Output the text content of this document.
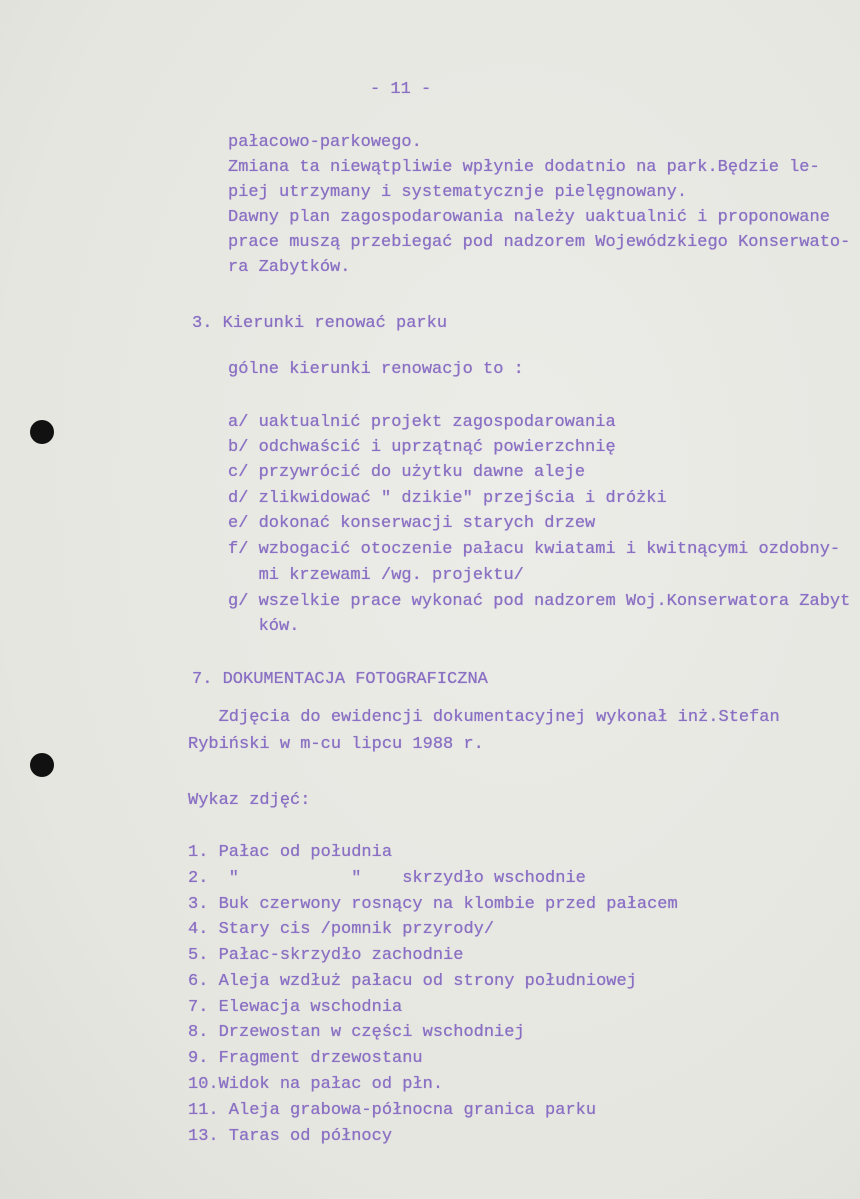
- 11 -
pałacowo-parkowego.
Zmiana ta niewątpliwie wpłynie dodatnio na park.Będzie le-
piej utrzymany i systematycznje pielęgnowany.
Dawny plan zagospodarowania należy uaktualnić i proponowane
prace muszą przebiegać pod nadzorem Wojewódzkiego Konserwato-
ra Zabytków.
3. Kierunki renować parku
gólne kierunki renowacjo to :
a/ uaktualnić projekt zagospodarowania
b/ odchwaścić i uprzątnąć powierzchnię
c/ przywrócić do użytku dawne aleje
d/ zlikwidować " dzikie" przejścia i dróżki
e/ dokonać konserwacji starych drzew
f/ wzbogacić otoczenie pałacu kwiatami i kwitnącymi ozdobny-
mi krzewami /wg. projektu/
g/ wszelkie prace wykonać pod nadzorem Woj.Konserwatora Zabyt
ków.
7. DOKUMENTACJA FOTOGRAFICZNA
Zdjęcia do ewidencji dokumentacyjnej wykonał inż.Stefan
Rybiński w m-cu lipcu 1988 r.
Wykaz zdjęć:
1. Pałac od południa
2.  "           "    skrzydło wschodnie
3. Buk czerwony rosnący na klombie przed pałacem
4. Stary cis /pomnik przyrody/
5. Pałac-skrzydło zachodnie
6. Aleja wzdłuż pałacu od strony południowej
7. Elewacja wschodnia
8. Drzewostan w części wschodniej
9. Fragment drzewostanu
10.Widok na pałac od płn.
11. Aleja grabowa-północna granica parku
13. Taras od północy
